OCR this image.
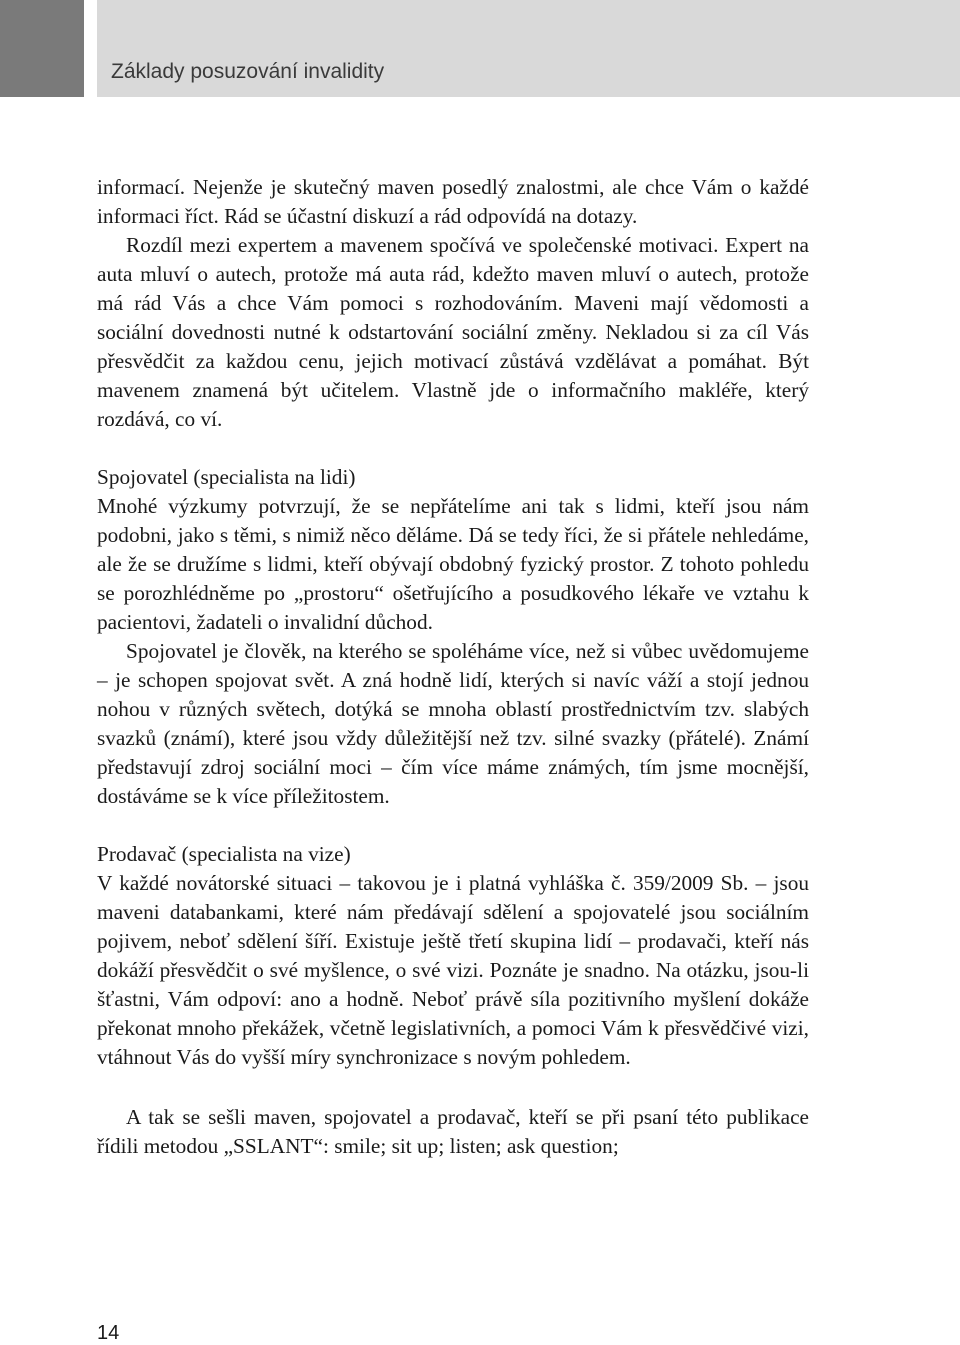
Základy posuzování invalidity

informací. Nejenže je skutečný maven posedlý znalostmi, ale chce Vám o každé informaci říct. Rád se účastní diskuzí a rád odpovídá na dotazy.

Rozdíl mezi expertem a mavenem spočívá ve společenské motivaci. Expert na auta mluví o autech, protože má auta rád, kdežto maven mluví o autech, protože má rád Vás a chce Vám pomoci s rozhodováním. Maveni mají vědomosti a sociální dovednosti nutné k odstartování sociální změny. Nekladou si za cíl Vás přesvědčit za každou cenu, jejich motivací zůstává vzdělávat a pomáhat. Být mavenem znamená být učitelem. Vlastně jde o informačního makléře, který rozdává, co ví.

Spojovatel (specialista na lidi)

Mnohé výzkumy potvrzují, že se nepřátelíme ani tak s lidmi, kteří jsou nám podobni, jako s těmi, s nimiž něco děláme. Dá se tedy říci, že si přátele nehledáme, ale že se družíme s lidmi, kteří obývají obdobný fyzický prostor. Z tohoto pohledu se porozhlédněme po „prostoru“ ošetřujícího a posudkového lékaře ve vztahu k pacientovi, žadateli o invalidní důchod.

Spojovatel je člověk, na kterého se spoléháme více, než si vůbec uvědomujeme – je schopen spojovat svět. A zná hodně lidí, kterých si navíc váží a stojí jednou nohou v různých světech, dotýká se mnoha oblastí prostřednictvím tzv. slabých svazků (známí), které jsou vždy důležitější než tzv. silné svazky (přátelé). Známí představují zdroj sociální moci – čím více máme známých, tím jsme mocnější, dostáváme se k více příležitostem.

Prodavač (specialista na vize)

V každé novátorské situaci – takovou je i platná vyhláška č. 359/2009 Sb. – jsou maveni databankami, které nám předávají sdělení a spojovatelé jsou sociálním pojivem, neboť sdělení šíří. Existuje ještě třetí skupina lidí – prodavači, kteří nás dokáží přesvědčit o své myšlence, o své vizi. Poznáte je snadno. Na otázku, jsou-li šťastni, Vám odpoví: ano a hodně. Neboť právě síla pozitivního myšlení dokáže překonat mnoho překážek, včetně legislativních, a pomoci Vám k přesvědčivé vizi, vtáhnout Vás do vyšší míry synchronizace s novým pohledem.

A tak se sešli maven, spojovatel a prodavač, kteří se při psaní této publikace řídili metodou „SSLANT“: smile; sit up; listen; ask question;

14
